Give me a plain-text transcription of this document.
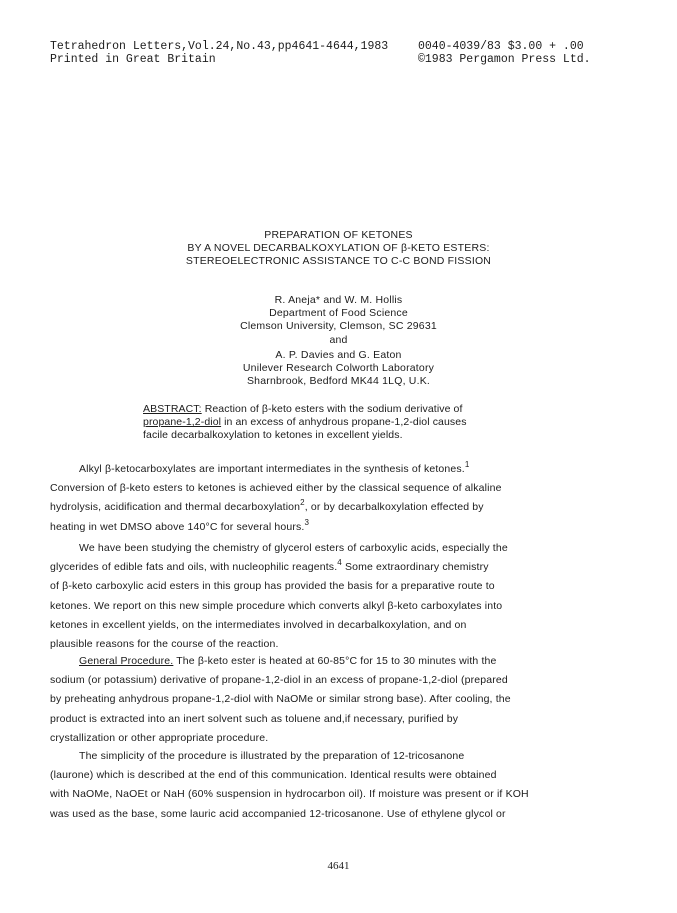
Tetrahedron Letters,Vol.24,No.43,pp4641-4644,1983	0040-4039/83 $3.00 + .00
Printed in Great Britain	©1983 Pergamon Press Ltd.
PREPARATION OF KETONES
BY A NOVEL DECARBALKOXYLATION OF β-KETO ESTERS:
STEREOELECTRONIC ASSISTANCE TO C-C BOND FISSION
R. Aneja* and W. M. Hollis
Department of Food Science
Clemson University, Clemson, SC 29631
and
A. P. Davies and G. Eaton
Unilever Research Colworth Laboratory
Sharnbrook, Bedford MK44 1LQ, U.K.
ABSTRACT: Reaction of β-keto esters with the sodium derivative of
propane-1,2-diol in an excess of anhydrous propane-1,2-diol causes
facile decarbalkoxylation to ketones in excellent yields.
Alkyl β-ketocarboxylates are important intermediates in the synthesis of ketones.$^1$
Conversion of β-keto esters to ketones is achieved either by the classical sequence of alkaline
hydrolysis, acidification and thermal decarboxylation$^2$, or by decarbalkoxylation effected by
heating in wet DMSO above 140°C for several hours.$^3$
We have been studying the chemistry of glycerol esters of carboxylic acids, especially the
glycerides of edible fats and oils, with nucleophilic reagents.$^4$ Some extraordinary chemistry
of β-keto carboxylic acid esters in this group has provided the basis for a preparative route to
ketones. We report on this new simple procedure which converts alkyl β-keto carboxylates into
ketones in excellent yields, on the intermediates involved in decarbalkoxylation, and on
plausible reasons for the course of the reaction.
General Procedure. The β-keto ester is heated at 60-85°C for 15 to 30 minutes with the
sodium (or potassium) derivative of propane-1,2-diol in an excess of propane-1,2-diol (prepared
by preheating anhydrous propane-1,2-diol with NaOMe or similar strong base). After cooling, the
product is extracted into an inert solvent such as toluene and,if necessary, purified by
crystallization or other appropriate procedure.
The simplicity of the procedure is illustrated by the preparation of 12-tricosanone
(laurone) which is described at the end of this communication. Identical results were obtained
with NaOMe, NaOEt or NaH (60% suspension in hydrocarbon oil). If moisture was present or if KOH
was used as the base, some lauric acid accompanied 12-tricosanone. Use of ethylene glycol or
4641
